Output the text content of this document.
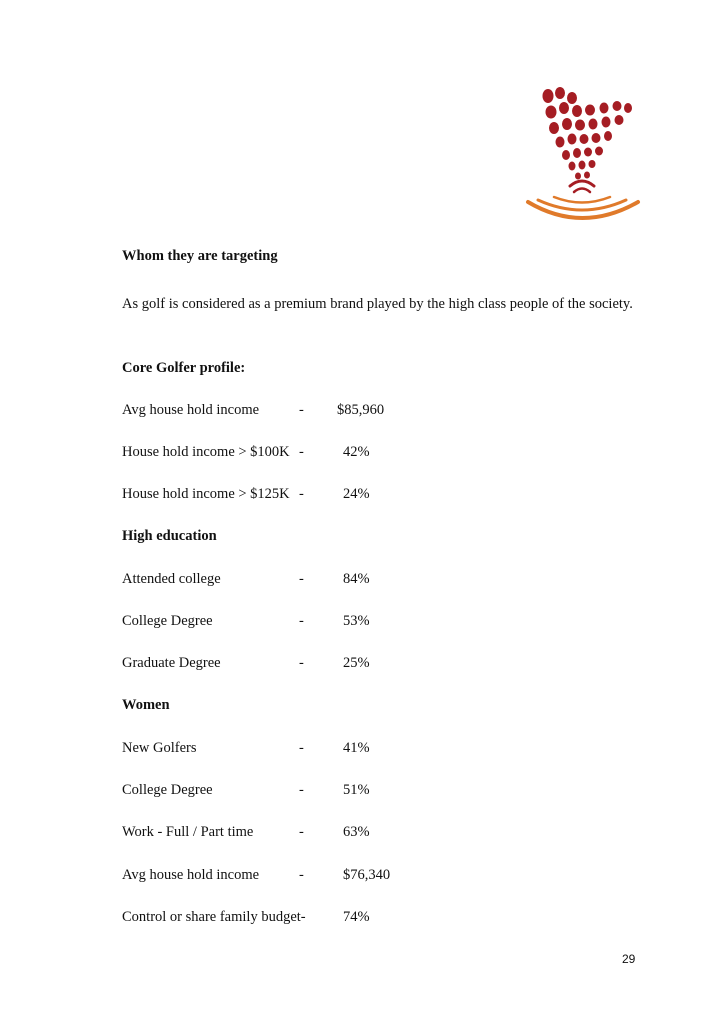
Whom they are targeting
As golf is considered as a premium brand played by the high class people of the society.
Core Golfer profile:
Avg house hold income	- $85,960
House hold income > $100K -	42%
House hold income > $125K -	24%
High education
Attended college	-	84%
College Degree	-	53%
Graduate Degree	-	25%
Women
New Golfers	-	41%
College Degree	-	51%
Work - Full / Part time	-	63%
Avg house hold income	-	$76,340
Control or share family budget-	74%
29
